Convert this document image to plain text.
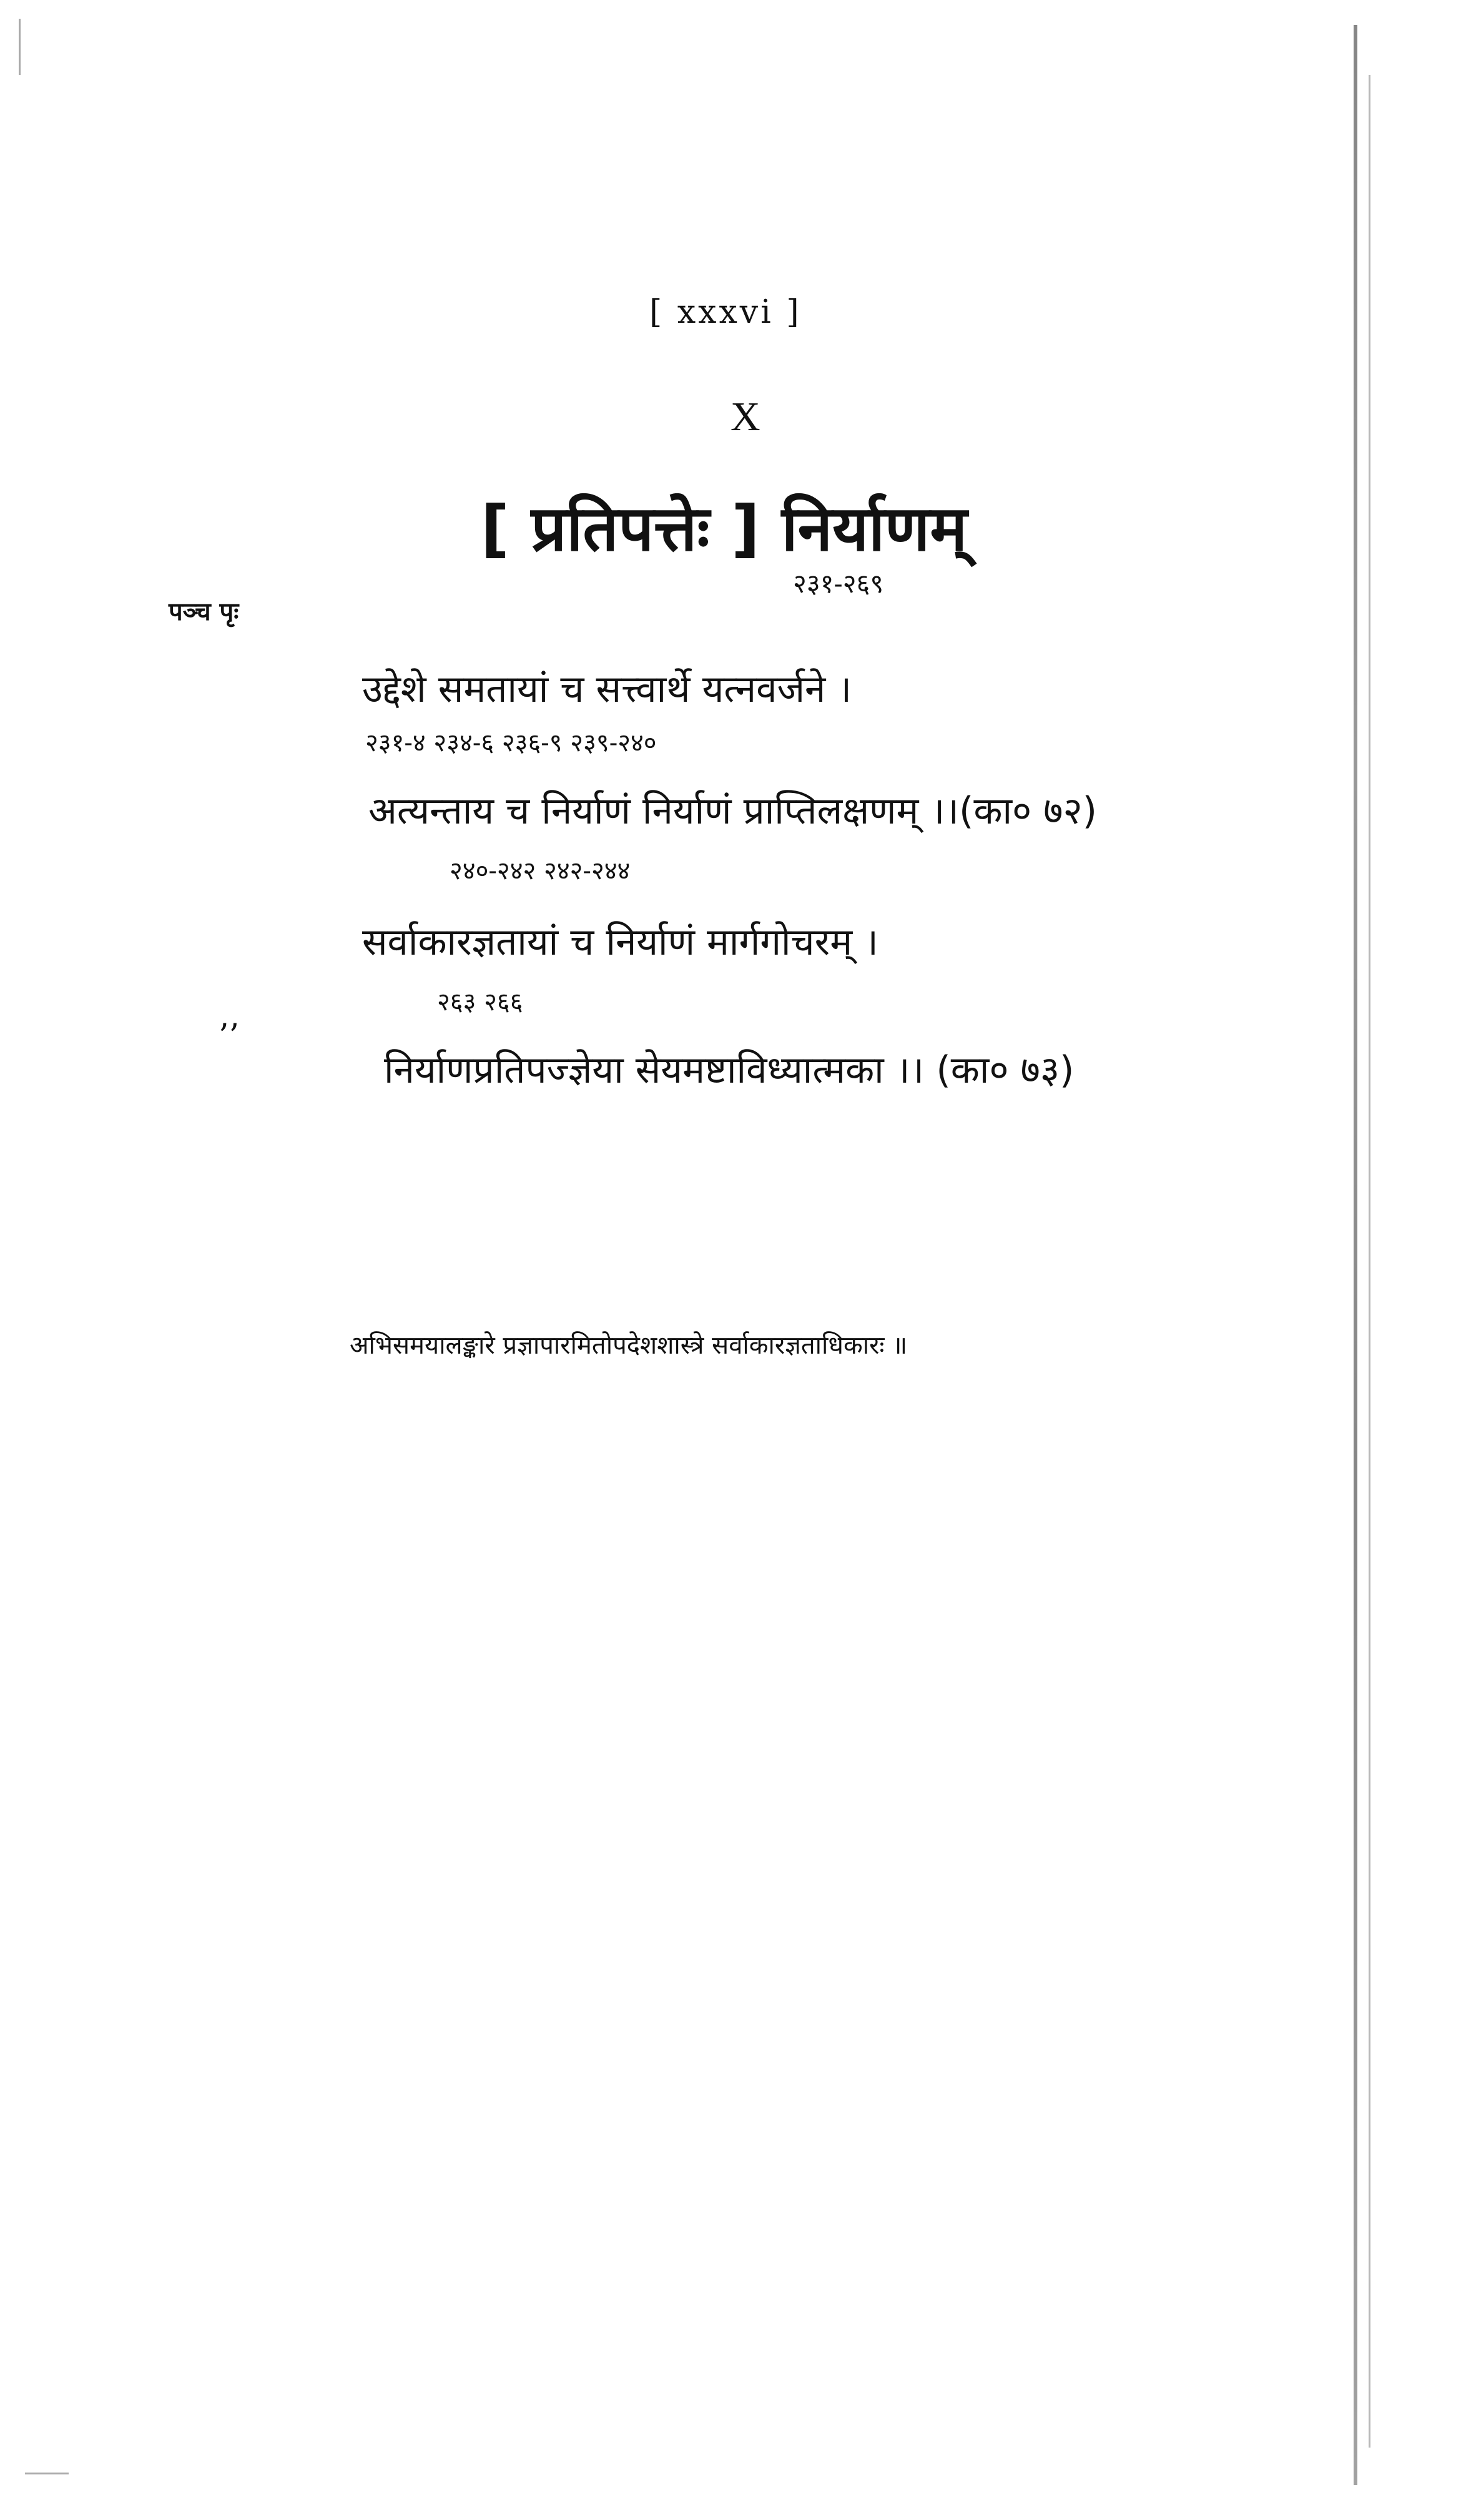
[ xxxvi ]
X
[ प्रतिपत्तेः ] निर्याणम्
२३१-२६९
पञ्च पृः
उद्देशे समतायां च सत्त्वार्थे यत्नवर्जने ।
२३१-४ २३४-६ २३६-९ २३९-२४०
अत्यन्ताय च निर्याणं निर्याणं प्राप्तिलक्षणम् ।।(का० ७२)
२४०-२४२ २४२-२४४
सर्वाकारज्ञतायां च निर्याणं मार्गगोचरम् ।
२६३ २६६
’’
निर्याणप्रतिपज्ज्ञेया सेयमष्टाविध्यात्मका ।। (का० ७३)
अभिसमयालङ्कारे प्रज्ञापारमितोपदेशशास्त्रे सर्वाकारज्ञताधिकारः ॥
